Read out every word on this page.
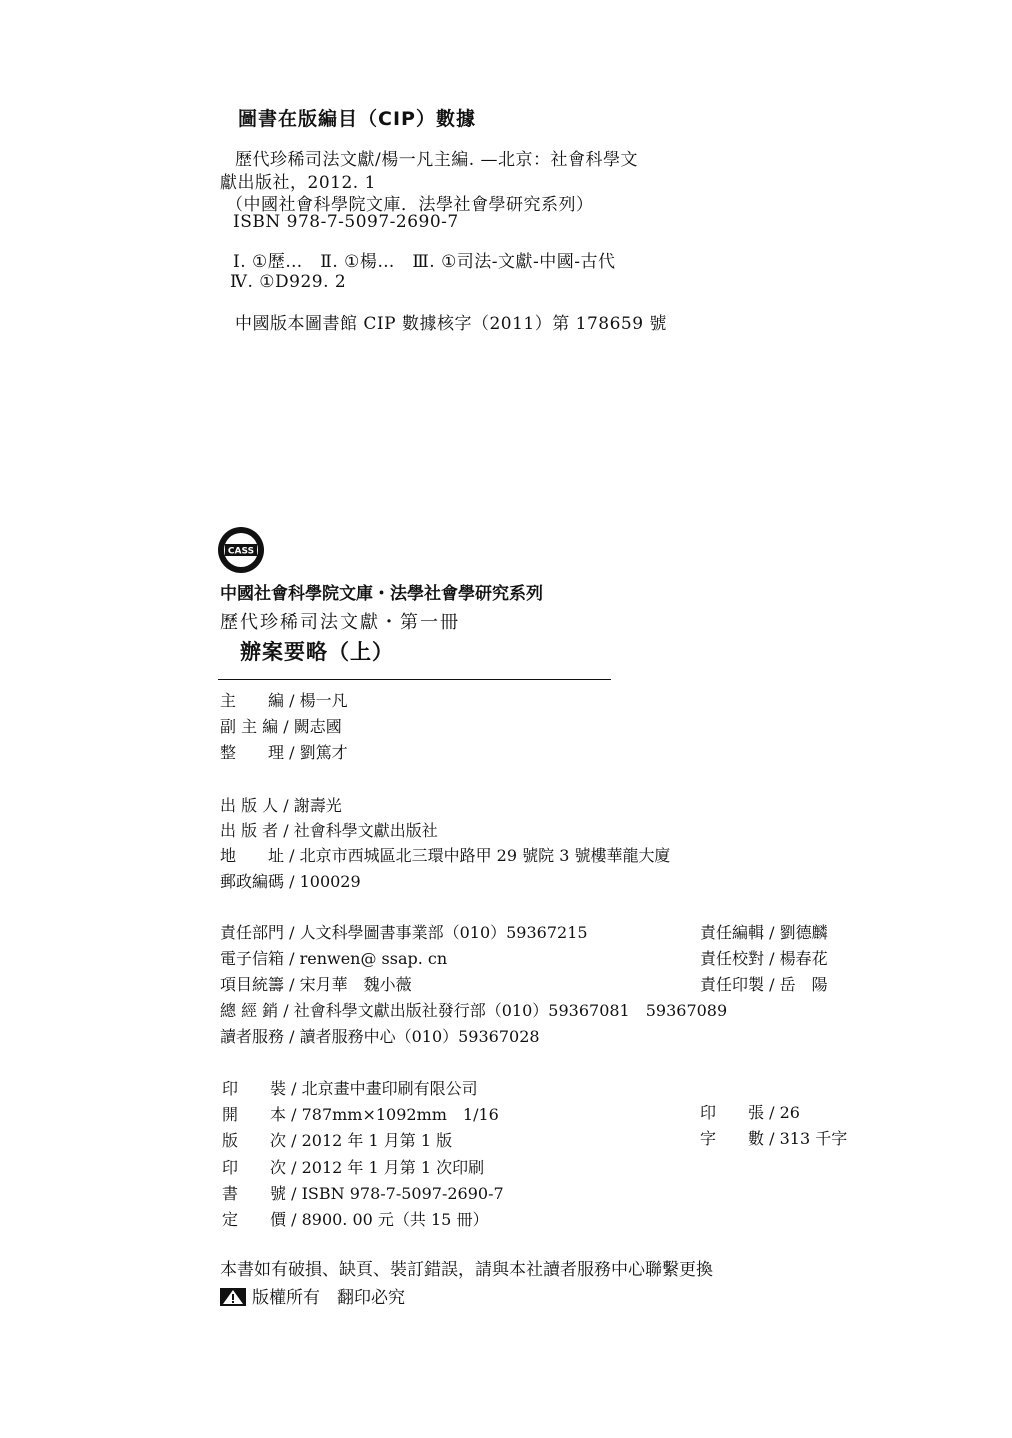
圖書在版編目（CIP）數據
歷代珍稀司法文獻/楊一凡主編. —北京：社會科學文
獻出版社，2012. 1
（中國社會科學院文庫．法學社會學研究系列）
ISBN 978-7-5097-2690-7
Ⅰ. ①歷…　Ⅱ. ①楊…　Ⅲ. ①司法-文獻-中國-古代
Ⅳ. ①D929. 2
中國版本圖書館 CIP 數據核字（2011）第 178659 號
CASS
中國社會科學院文庫・法學社會學研究系列
歷代珍稀司法文獻・第一冊
辦案要略（上）
主　　編 / 楊一凡
副 主 編 / 闕志國
整　　理 / 劉篤才
出 版 人 / 謝壽光
出 版 者 / 社會科學文獻出版社
地　　址 / 北京市西城區北三環中路甲 29 號院 3 號樓華龍大廈
郵政編碼 / 100029
責任部門 / 人文科學圖書事業部（010）59367215
電子信箱 / renwen@ ssap. cn
項目統籌 / 宋月華　魏小薇
總 經 銷 / 社會科學文獻出版社發行部（010）59367081　59367089
讀者服務 / 讀者服務中心（010）59367028
責任編輯 / 劉德麟
責任校對 / 楊春花
責任印製 / 岳　陽
印　　裝 / 北京畫中畫印刷有限公司
開　　本 / 787mm×1092mm　1/16
版　　次 / 2012 年 1 月第 1 版
印　　次 / 2012 年 1 月第 1 次印刷
書　　號 / ISBN 978-7-5097-2690-7
定　　價 / 8900. 00 元（共 15 冊）
印　　張 / 26
字　　數 / 313 千字
本書如有破損、缺頁、裝訂錯誤，請與本社讀者服務中心聯繫更換
版權所有　翻印必究
